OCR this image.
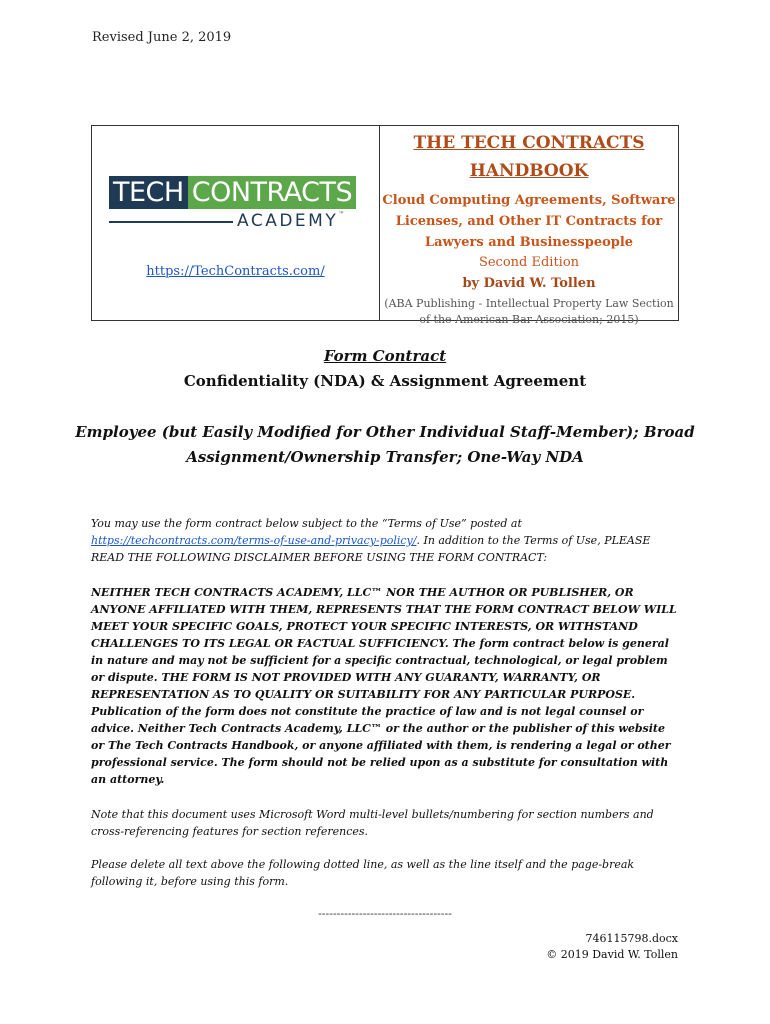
Revised June 2, 2019
TECH CONTRACTS
ACADEMY™
https://TechContracts.com/
THE TECH CONTRACTS
HANDBOOK
Cloud Computing Agreements, Software
Licenses, and Other IT Contracts for
Lawyers and Businesspeople
Second Edition
by David W. Tollen
(ABA Publishing - Intellectual Property Law Section
of the American Bar Association; 2015)
Form Contract
Confidentiality (NDA) & Assignment Agreement
Employee (but Easily Modified for Other Individual Staff-Member); Broad
Assignment/Ownership Transfer; One-Way NDA
You may use the form contract below subject to the “Terms of Use” posted at https://techcontracts.com/terms-of-use-and-privacy-policy/. In addition to the Terms of Use, PLEASE READ THE FOLLOWING DISCLAIMER BEFORE USING THE FORM CONTRACT:
NEITHER TECH CONTRACTS ACADEMY, LLC™ NOR THE AUTHOR OR PUBLISHER, OR ANYONE AFFILIATED WITH THEM, REPRESENTS THAT THE FORM CONTRACT BELOW WILL MEET YOUR SPECIFIC GOALS, PROTECT YOUR SPECIFIC INTERESTS, OR WITHSTAND CHALLENGES TO ITS LEGAL OR FACTUAL SUFFICIENCY. The form contract below is general in nature and may not be sufficient for a specific contractual, technological, or legal problem or dispute. THE FORM IS NOT PROVIDED WITH ANY GUARANTY, WARRANTY, OR REPRESENTATION AS TO QUALITY OR SUITABILITY FOR ANY PARTICULAR PURPOSE. Publication of the form does not constitute the practice of law and is not legal counsel or advice. Neither Tech Contracts Academy, LLC™ or the author or the publisher of this website or The Tech Contracts Handbook, or anyone affiliated with them, is rendering a legal or other professional service. The form should not be relied upon as a substitute for consultation with an attorney.
Note that this document uses Microsoft Word multi-level bullets/numbering for section numbers and cross-referencing features for section references.
Please delete all text above the following dotted line, as well as the line itself and the page-break following it, before using this form.
------------------------------------
746115798.docx
© 2019 David W. Tollen
